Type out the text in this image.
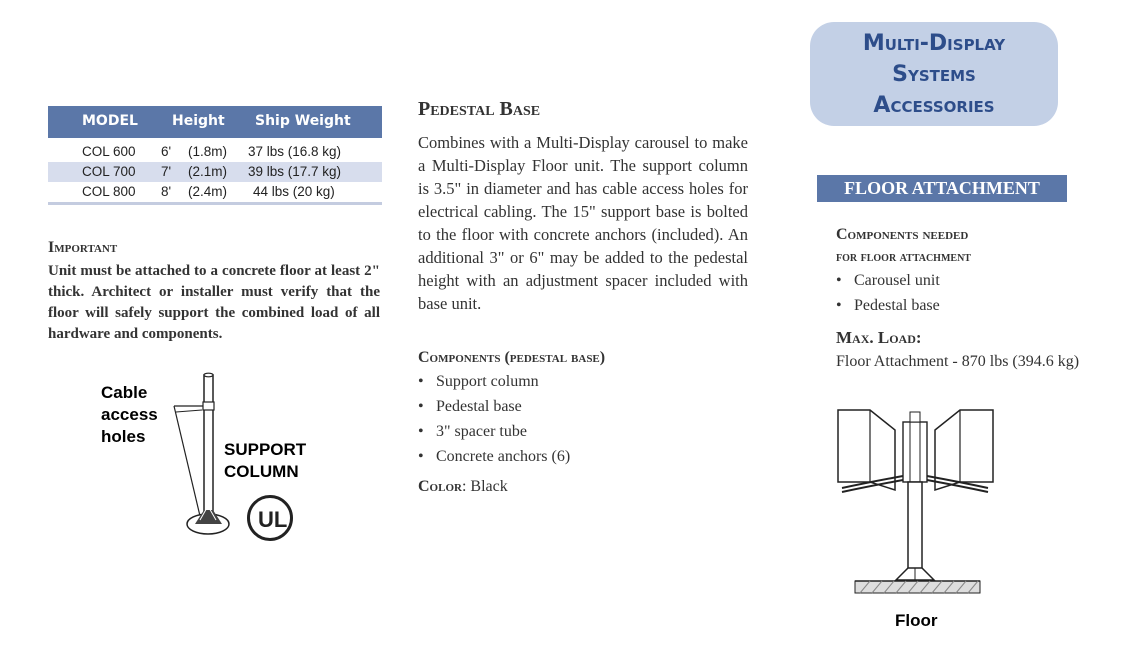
MODEL Height Ship Weight
COL 600 6' (1.8m) 37 lbs (16.8 kg)
COL 700 7' (2.1m) 39 lbs (17.7 kg)
COL 800 8' (2.4m) 44 lbs (20 kg)
Important
Unit must be attached to a concrete floor at least 2" thick. Architect or installer must verify that the floor will safely support the combined load of all hardware and components.
Cable
access
holes
SUPPORT
COLUMN
UL
Pedestal Base
Combines with a Multi-Display carousel to make a Multi-Display Floor unit. The support column is 3.5" in diameter and has cable access holes for electrical cabling. The 15" support base is bolted to the floor with concrete anchors (included). An additional 3" or 6" may be added to the pedestal height with an adjustment spacer included with base unit.
Components (pedestal base)
• Support column
• Pedestal base
• 3" spacer tube
• Concrete anchors (6)
Color: Black
Multi-Display
Systems
Accessories
FLOOR ATTACHMENT
Components needed
for floor attachment
• Carousel unit
• Pedestal base
Max. Load:
Floor Attachment - 870 lbs (394.6 kg)
Floor
